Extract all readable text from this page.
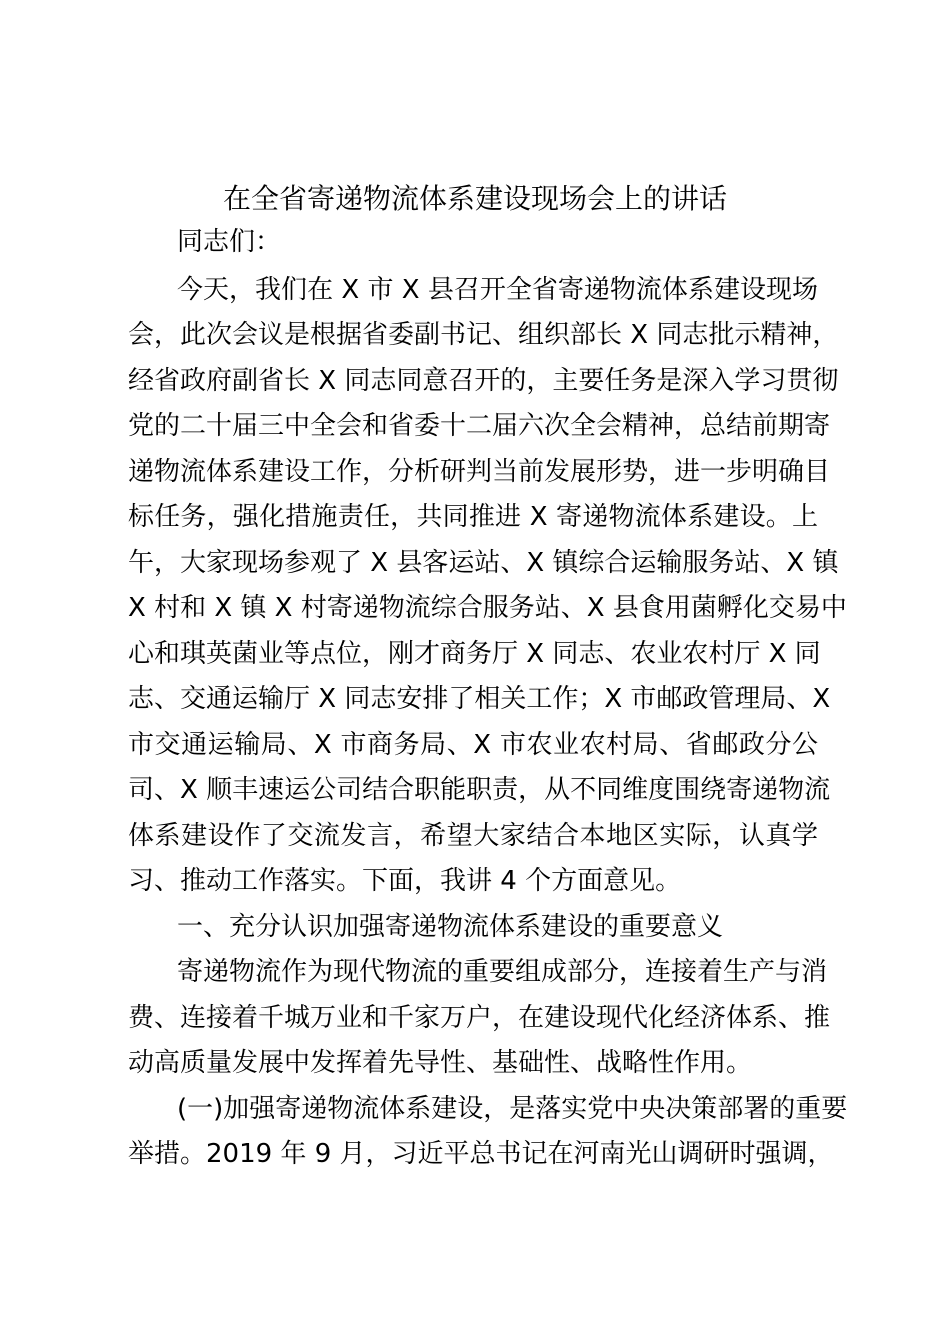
在全省寄递物流体系建设现场会上的讲话
同志们：
今天，我们在 X 市 X 县召开全省寄递物流体系建设现场
会，此次会议是根据省委副书记、组织部长 X 同志批示精神，
经省政府副省长 X 同志同意召开的，主要任务是深入学习贯彻
党的二十届三中全会和省委十二届六次全会精神，总结前期寄
递物流体系建设工作，分析研判当前发展形势，进一步明确目
标任务，强化措施责任，共同推进 X 寄递物流体系建设。上
午，大家现场参观了 X 县客运站、X 镇综合运输服务站、X 镇
X 村和 X 镇 X 村寄递物流综合服务站、X 县食用菌孵化交易中
心和琪英菌业等点位，刚才商务厅 X 同志、农业农村厅 X 同
志、交通运输厅 X 同志安排了相关工作；X 市邮政管理局、X
市交通运输局、X 市商务局、X 市农业农村局、省邮政分公
司、X 顺丰速运公司结合职能职责，从不同维度围绕寄递物流
体系建设作了交流发言，希望大家结合本地区实际，认真学
习、推动工作落实。下面，我讲 4 个方面意见。
一、充分认识加强寄递物流体系建设的重要意义
寄递物流作为现代物流的重要组成部分，连接着生产与消
费、连接着千城万业和千家万户，在建设现代化经济体系、推
动高质量发展中发挥着先导性、基础性、战略性作用。
(一)加强寄递物流体系建设，是落实党中央决策部署的重要
举措。2019 年 9 月，习近平总书记在河南光山调研时强调，
